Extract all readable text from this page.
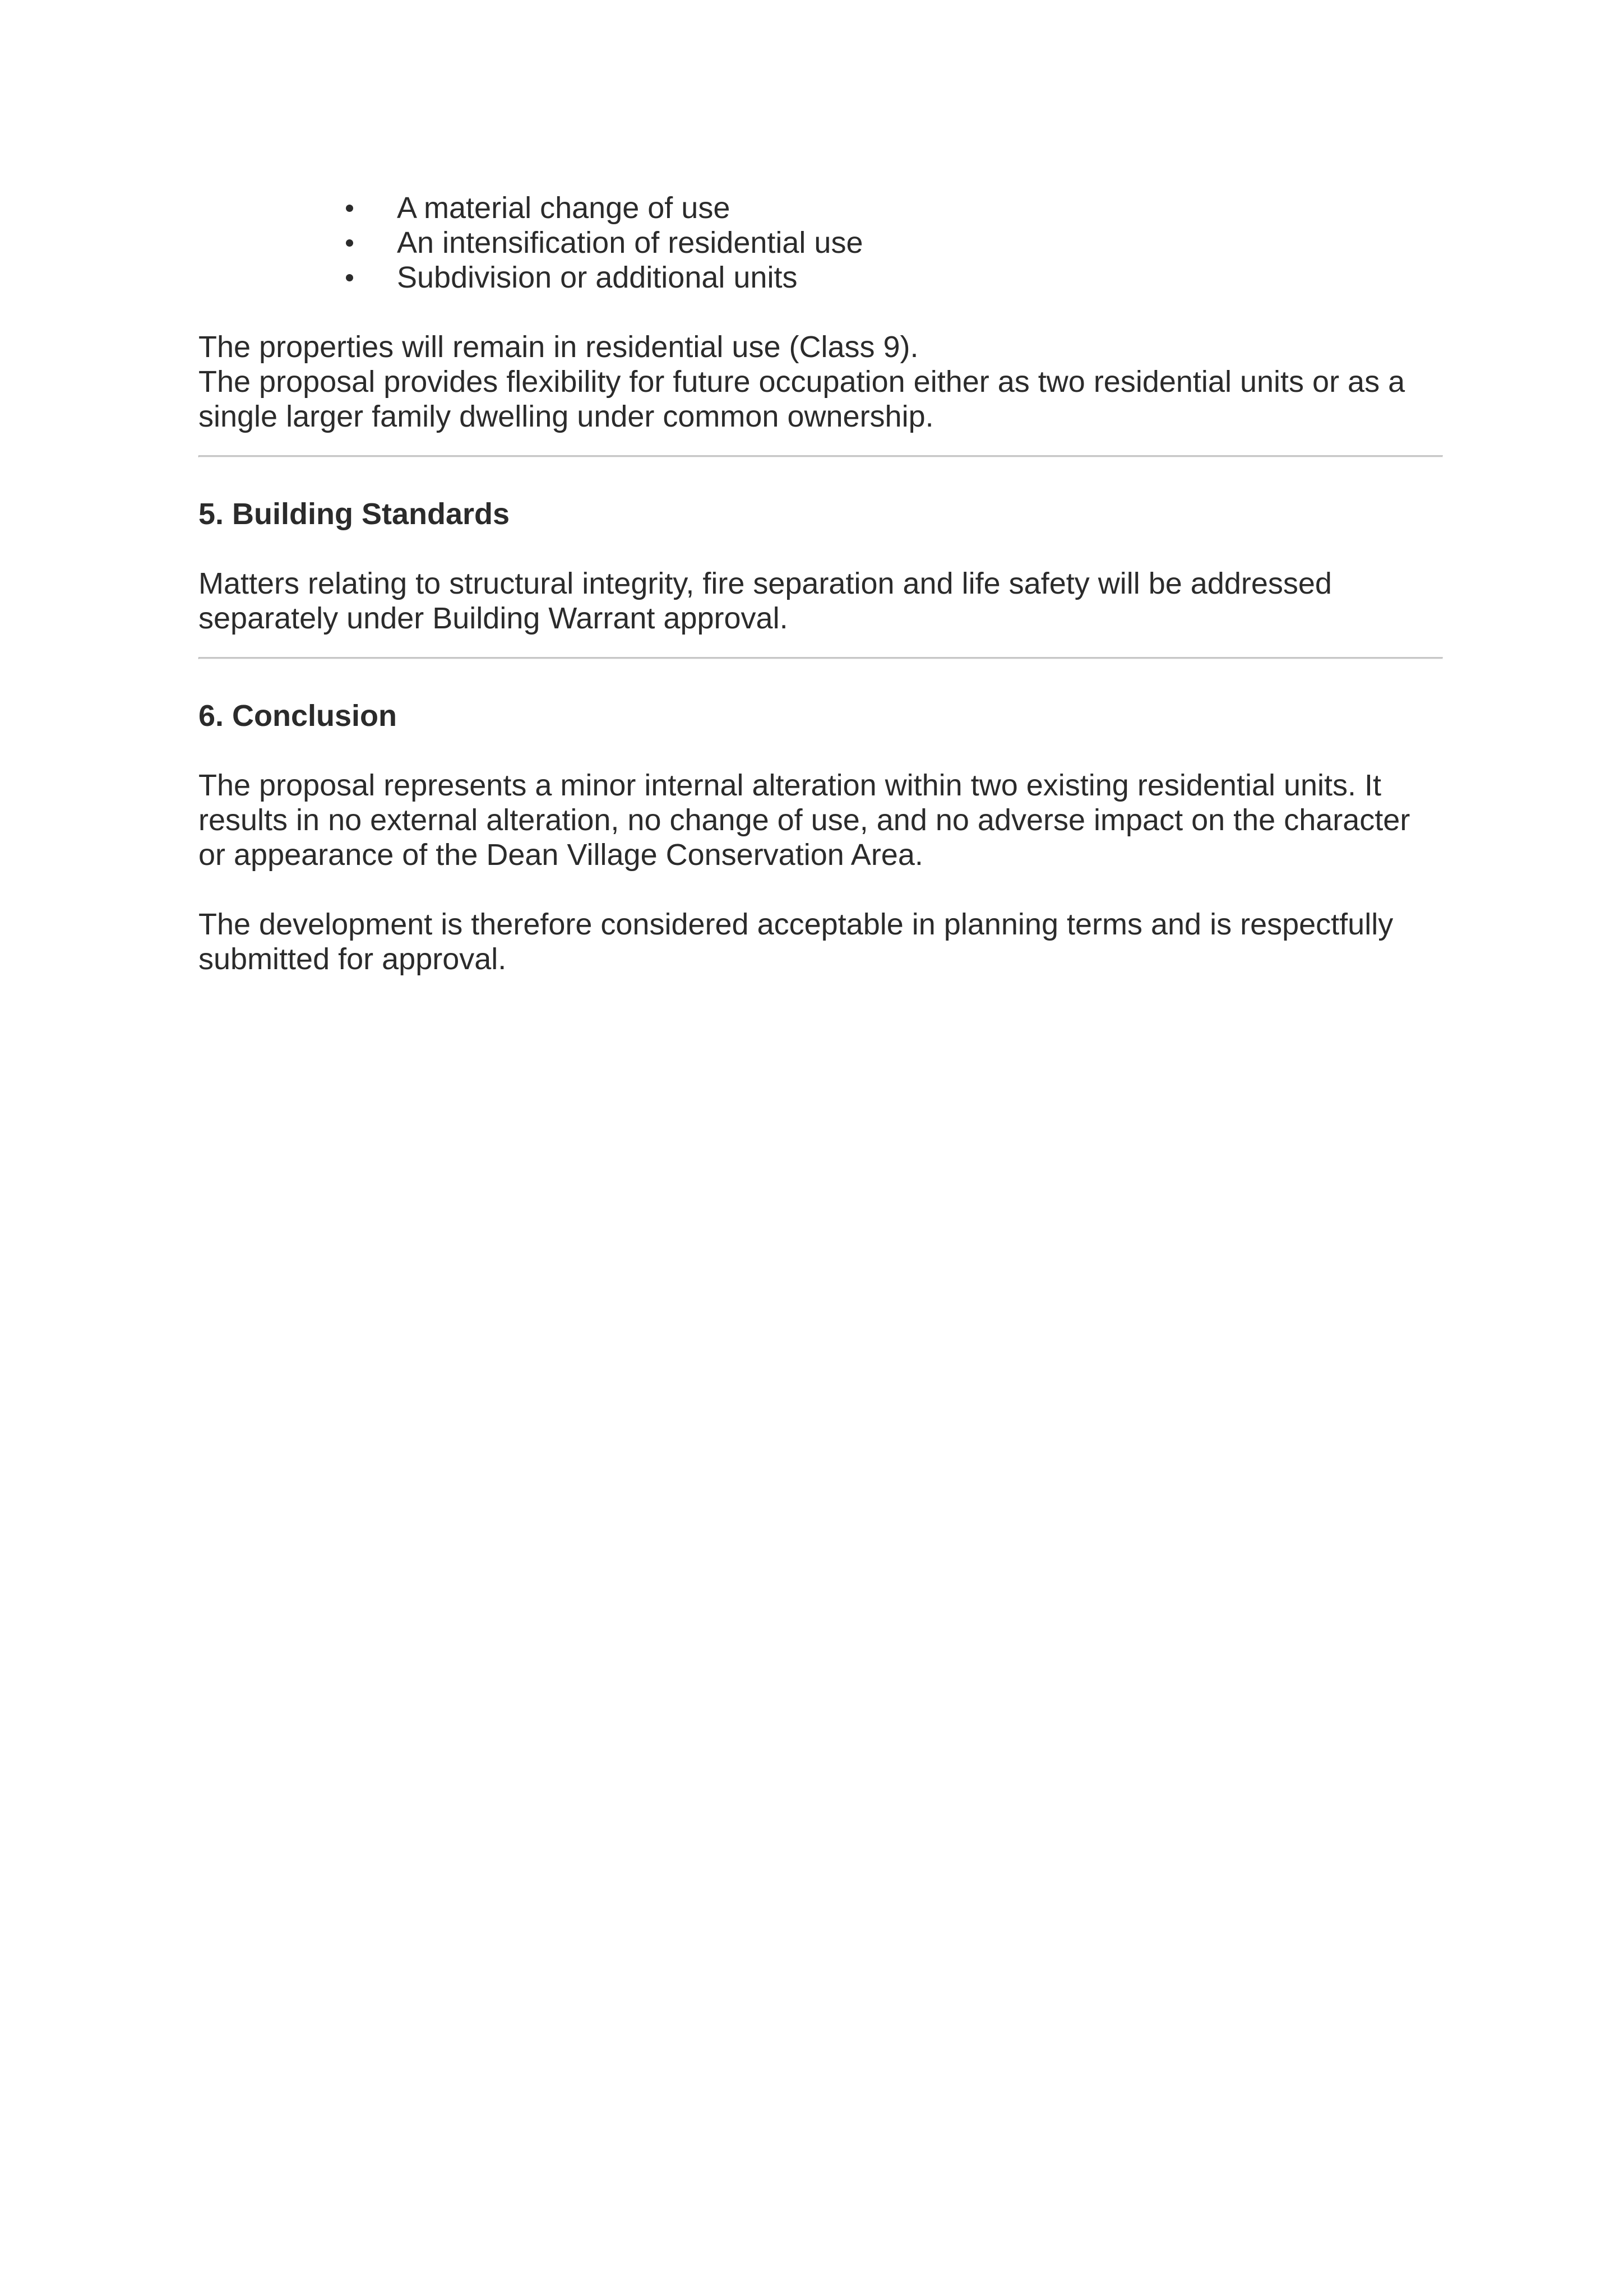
A material change of use
An intensification of residential use
Subdivision or additional units

The properties will remain in residential use (Class 9).

The proposal provides flexibility for future occupation either as two residential units or as a single larger family dwelling under common ownership.

5. Building Standards

Matters relating to structural integrity, fire separation and life safety will be addressed separately under Building Warrant approval.

6. Conclusion

The proposal represents a minor internal alteration within two existing residential units. It results in no external alteration, no change of use, and no adverse impact on the character or appearance of the Dean Village Conservation Area.

The development is therefore considered acceptable in planning terms and is respectfully submitted for approval.
